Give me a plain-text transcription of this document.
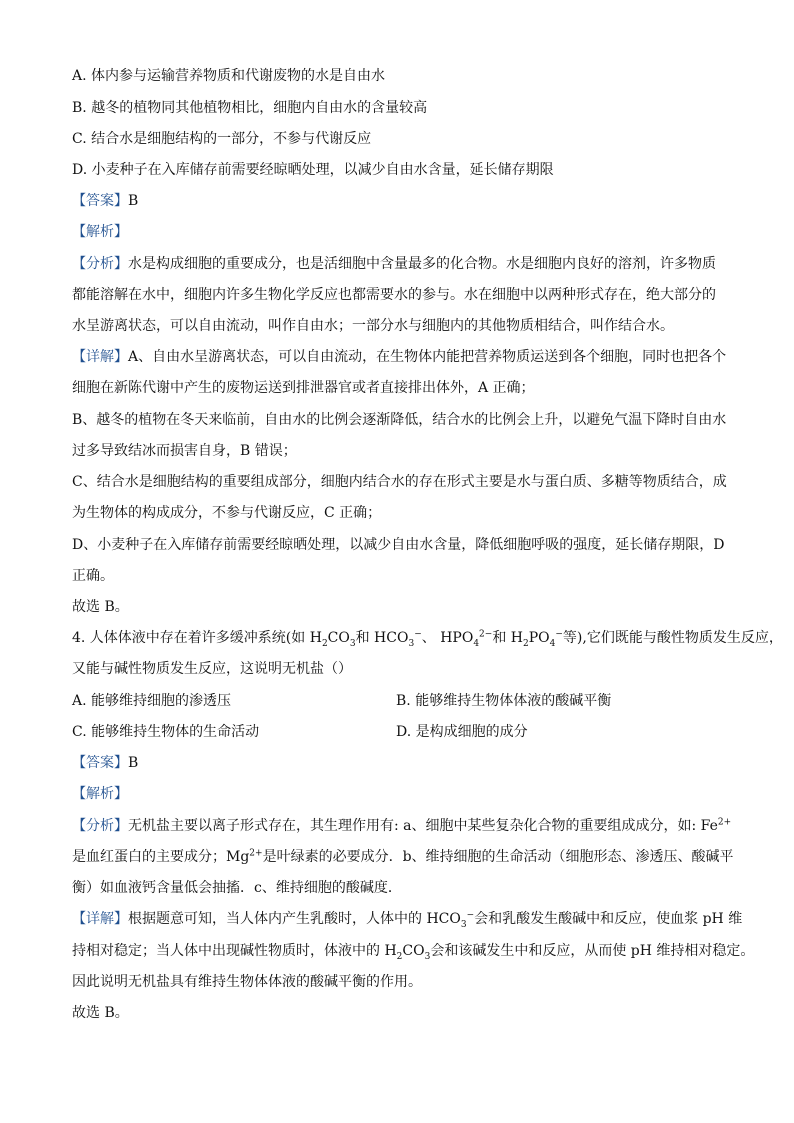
A. 体内参与运输营养物质和代谢废物的水是自由水
B. 越冬的植物同其他植物相比，细胞内自由水的含量较高
C. 结合水是细胞结构的一部分，不参与代谢反应
D. 小麦种子在入库储存前需要经晾晒处理，以减少自由水含量，延长储存期限
【答案】B
【解析】
【分析】水是构成细胞的重要成分，也是活细胞中含量最多的化合物。水是细胞内良好的溶剂，许多物质
都能溶解在水中，细胞内许多生物化学反应也都需要水的参与。水在细胞中以两种形式存在，绝大部分的
水呈游离状态，可以自由流动，叫作自由水；一部分水与细胞内的其他物质相结合，叫作结合水。
【详解】A、自由水呈游离状态，可以自由流动，在生物体内能把营养物质运送到各个细胞，同时也把各个
细胞在新陈代谢中产生的废物运送到排泄器官或者直接排出体外，A 正确；
B、越冬的植物在冬天来临前，自由水的比例会逐渐降低，结合水的比例会上升，以避免气温下降时自由水
过多导致结冰而损害自身，B 错误；
C、结合水是细胞结构的重要组成部分，细胞内结合水的存在形式主要是水与蛋白质、多糖等物质结合，成
为生物体的构成成分，不参与代谢反应，C 正确；
D、小麦种子在入库储存前需要经晾晒处理，以减少自由水含量，降低细胞呼吸的强度，延长储存期限，D
正确。
故选 B。
4. 人体体液中存在着许多缓冲系统(如 $H_2CO_3$和 $HCO_3^-$、 $HPO_4^{2-}$和 $H_2PO_4^-$等),它们既能与酸性物质发生反应，
又能与碱性物质发生反应，这说明无机盐（）
A. 能够维持细胞的渗透压	B. 能够维持生物体体液的酸碱平衡
C. 能够维持生物体的生命活动	D. 是构成细胞的成分
【答案】B
【解析】
【分析】无机盐主要以离子形式存在，其生理作用有: a、细胞中某些复杂化合物的重要组成成分，如: $Fe^{2+}$
是血红蛋白的主要成分；$Mg^{2+}$是叶绿素的必要成分．b、维持细胞的生命活动（细胞形态、渗透压、酸碱平
衡）如血液钙含量低会抽搐．c、维持细胞的酸碱度．
【详解】根据题意可知，当人体内产生乳酸时，人体中的 $HCO_3^-$会和乳酸发生酸碱中和反应，使血浆 pH 维
持相对稳定；当人体中出现碱性物质时，体液中的 $H_2CO_3$会和该碱发生中和反应，从而使 pH 维持相对稳定。
因此说明无机盐具有维持生物体体液的酸碱平衡的作用。
故选 B。
